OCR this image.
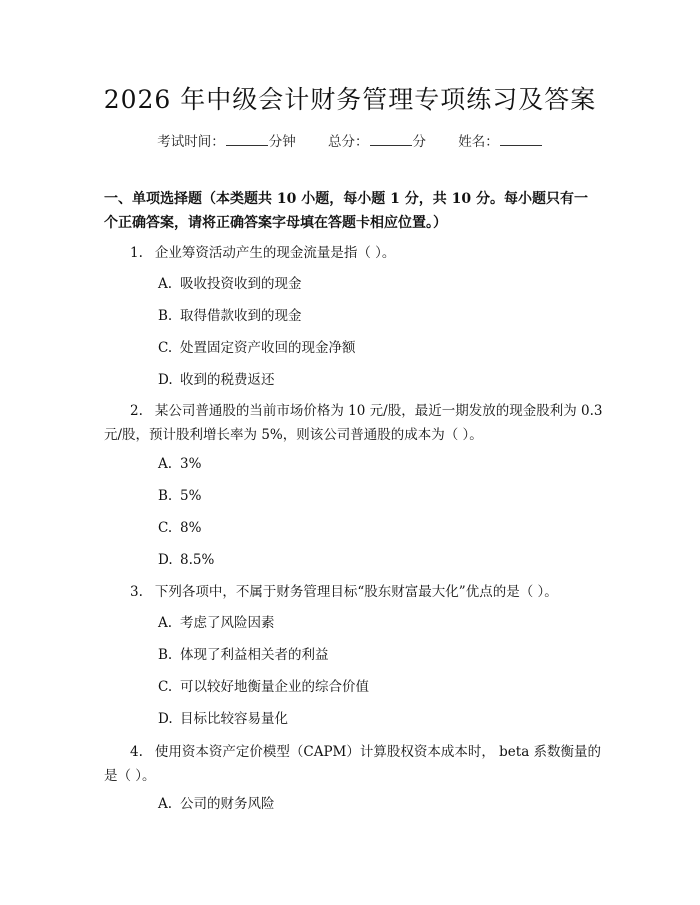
2026 年中级会计财务管理专项练习及答案
考试时间：	分钟 总分：	分 姓名：
一、单项选择题（本类题共 10 小题，每小题 1 分，共 10 分。每小题只有一个正确答案，请将正确答案字母填在答题卡相应位置。）
1. 企业筹资活动产生的现金流量是指（ ）。
A. 吸收投资收到的现金
B. 取得借款收到的现金
C. 处置固定资产收回的现金净额
D. 收到的税费返还
2. 某公司普通股的当前市场价格为 10 元/股，最近一期发放的现金股利为 0.3 元/股，预计股利增长率为 5%，则该公司普通股的成本为（ ）。
A. 3%
B. 5%
C. 8%
D. 8.5%
3. 下列各项中，不属于财务管理目标“股东财富最大化”优点的是（ ）。
A. 考虑了风险因素
B. 体现了利益相关者的利益
C. 可以较好地衡量企业的综合价值
D. 目标比较容易量化
4. 使用资本资产定价模型（CAPM）计算股权资本成本时， beta 系数衡量的是（ ）。
A. 公司的财务风险
